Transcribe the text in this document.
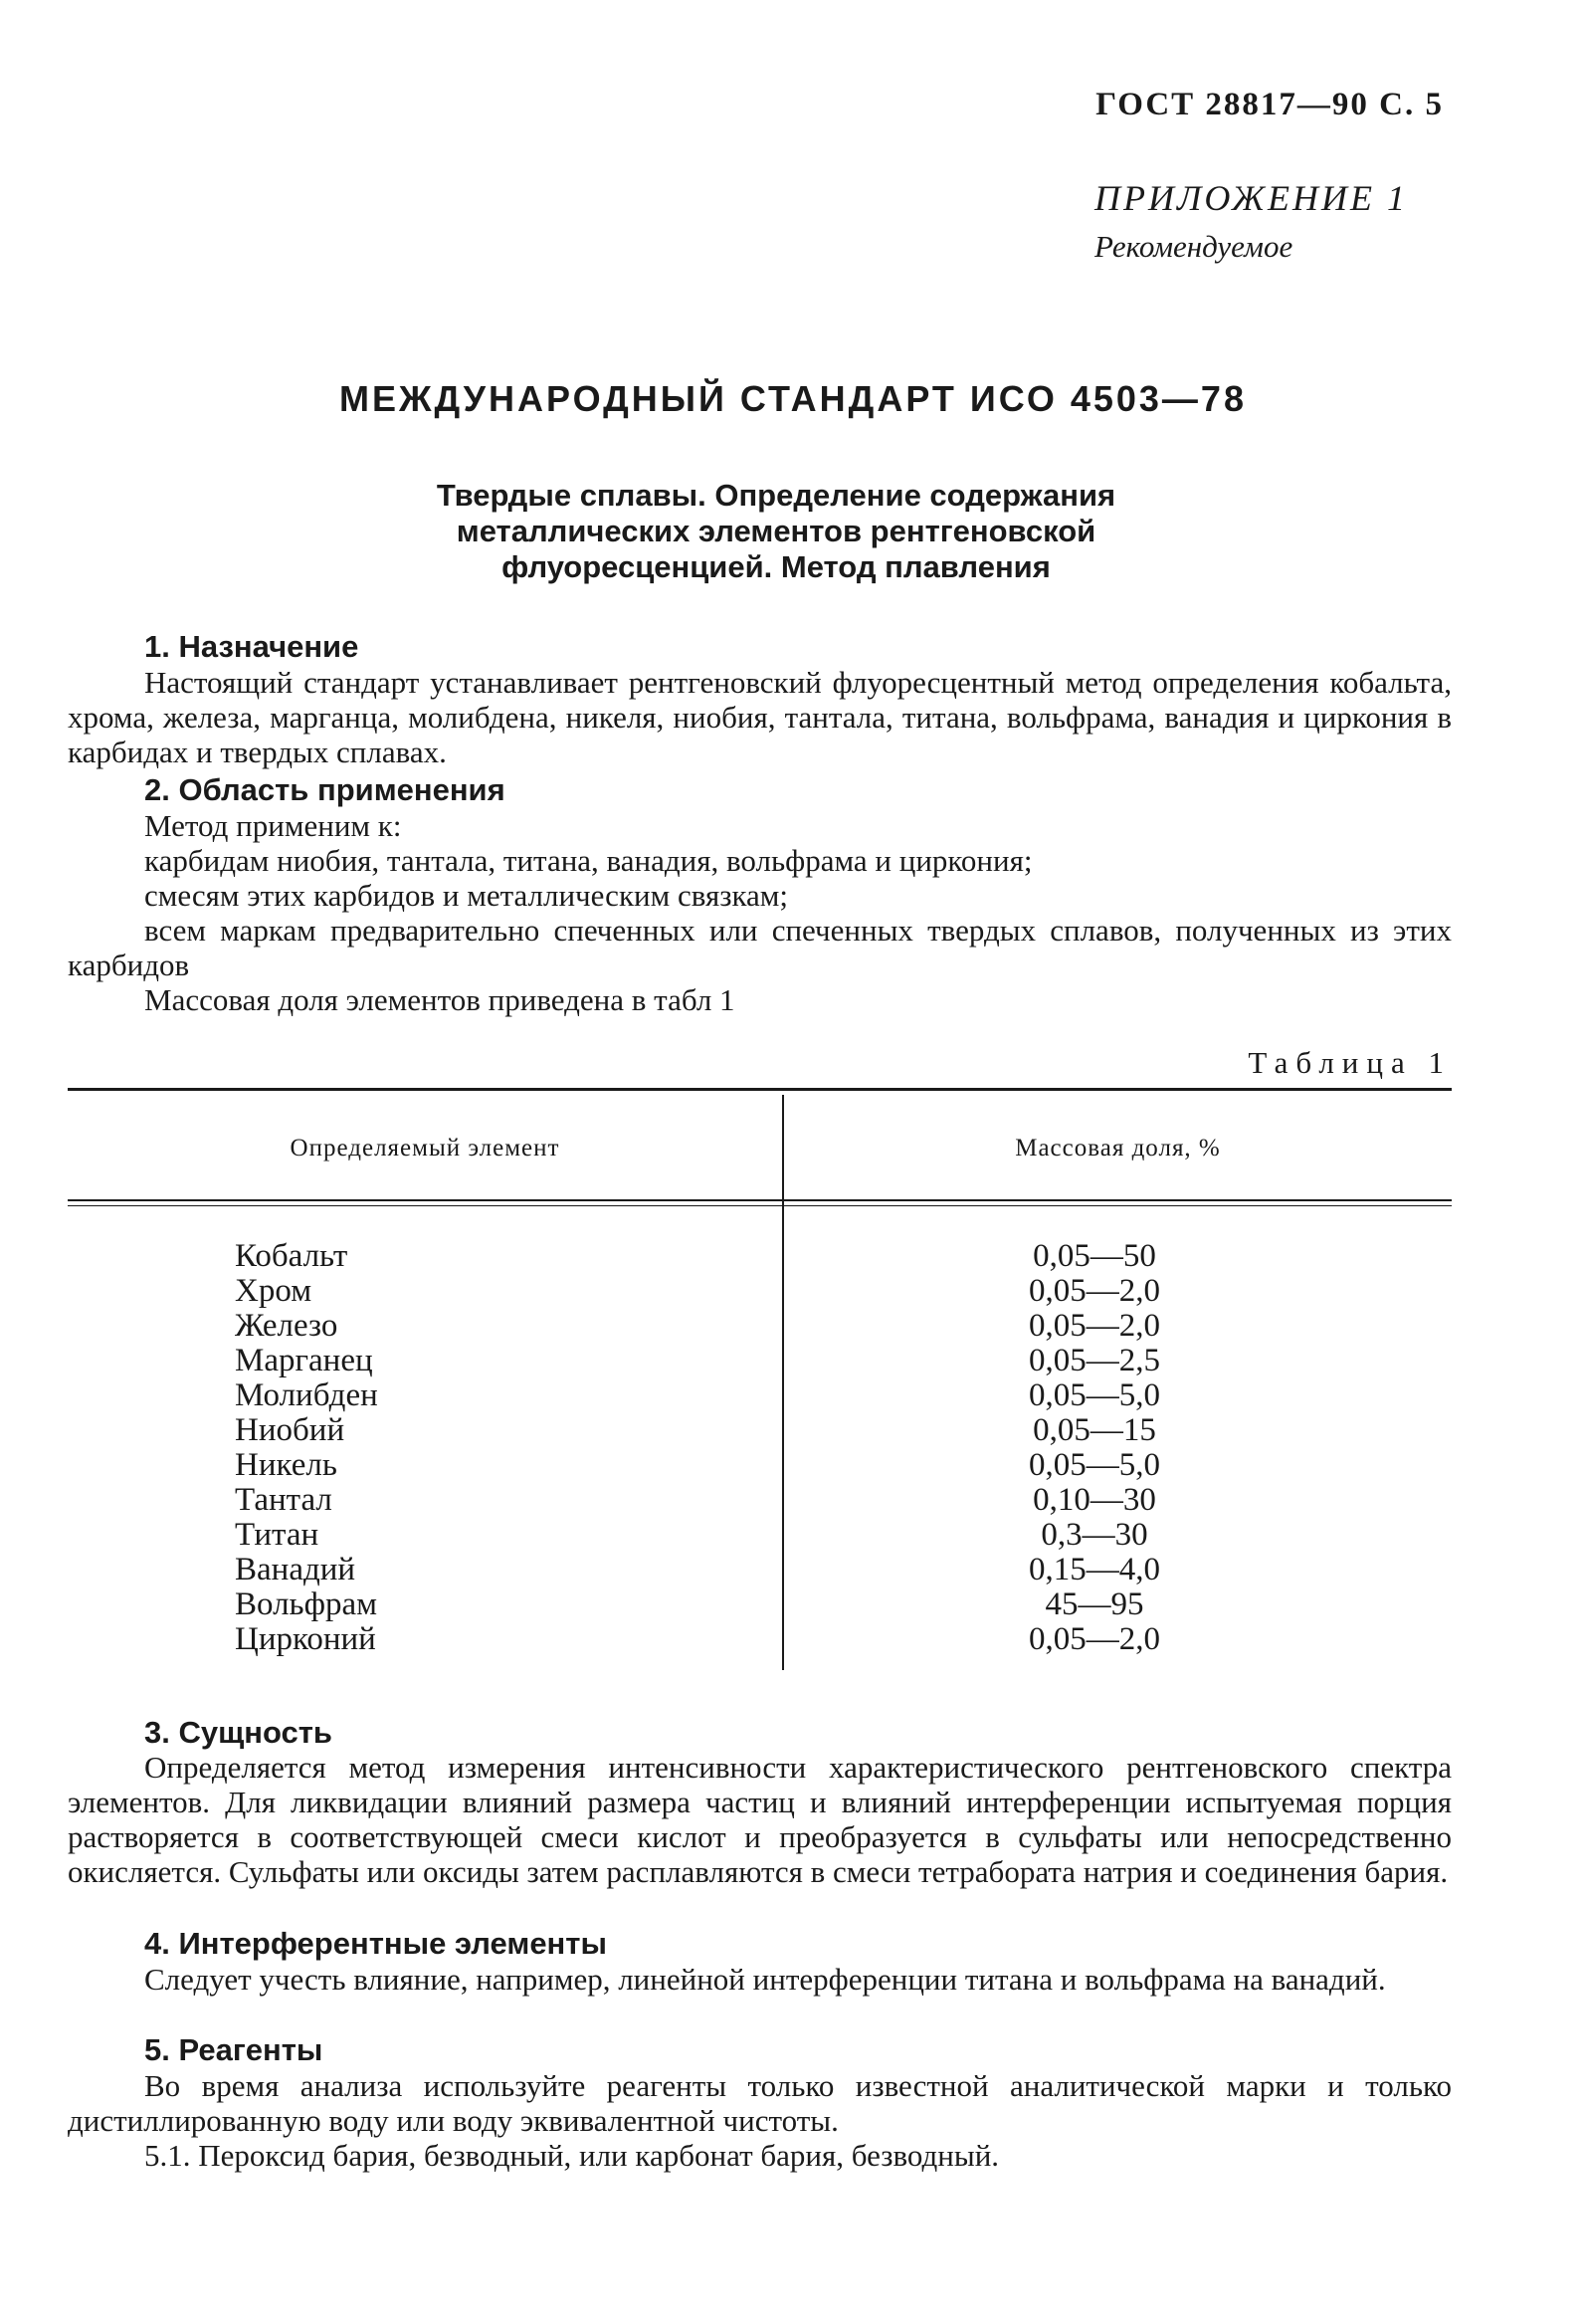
ГОСТ 28817—90 С. 5
ПРИЛОЖЕНИЕ 1
Рекомендуемое
МЕЖДУНАРОДНЫЙ СТАНДАРТ ИСО 4503—78
Твердые сплавы. Определение содержания
металлических элементов рентгеновской
флуоресценцией. Метод плавления
1. Назначение
Настоящий стандарт устанавливает рентгеновский флуоресцентный метод определения кобальта, хрома, железа, марганца, молибдена, никеля, ниобия, тантала, титана, вольфрама, ванадия и циркония в карбидах и твердых сплавах.
2. Область применения
Метод применим к:
карбидам ниобия, тантала, титана, ванадия, вольфрама и циркония;
смесям этих карбидов и металлическим связкам;
всем маркам предварительно спеченных или спеченных твердых сплавов, полученных из этих карбидов
Массовая доля элементов приведена в табл 1
Таблица 1
Определяемый элемент	Массовая доля, %
Кобальт
Хром
Железо
Марганец
Молибден
Ниобий
Никель
Тантал
Титан
Ванадий
Вольфрам
Цирконий
0,05—50
0,05—2,0
0,05—2,0
0,05—2,5
0,05—5,0
0,05—15
0,05—5,0
0,10—30
0,3—30
0,15—4,0
45—95
0,05—2,0
3. Сущность
Определяется метод измерения интенсивности характеристического рентгеновского спектра элементов. Для ликвидации влияний размера частиц и влияний интерференции испытуемая порция растворяется в соответствующей смеси кислот и преобразуется в сульфаты или непосредственно окисляется. Сульфаты или оксиды затем расплавляются в смеси тетрабората натрия и соединения бария.
4. Интерферентные элементы
Следует учесть влияние, например, линейной интерференции титана и вольфрама на ванадий.
5. Реагенты
Во время анализа используйте реагенты только известной аналитической марки и только дистиллированную воду или воду эквивалентной чистоты.
5.1. Пероксид бария, безводный, или карбонат бария, безводный.
